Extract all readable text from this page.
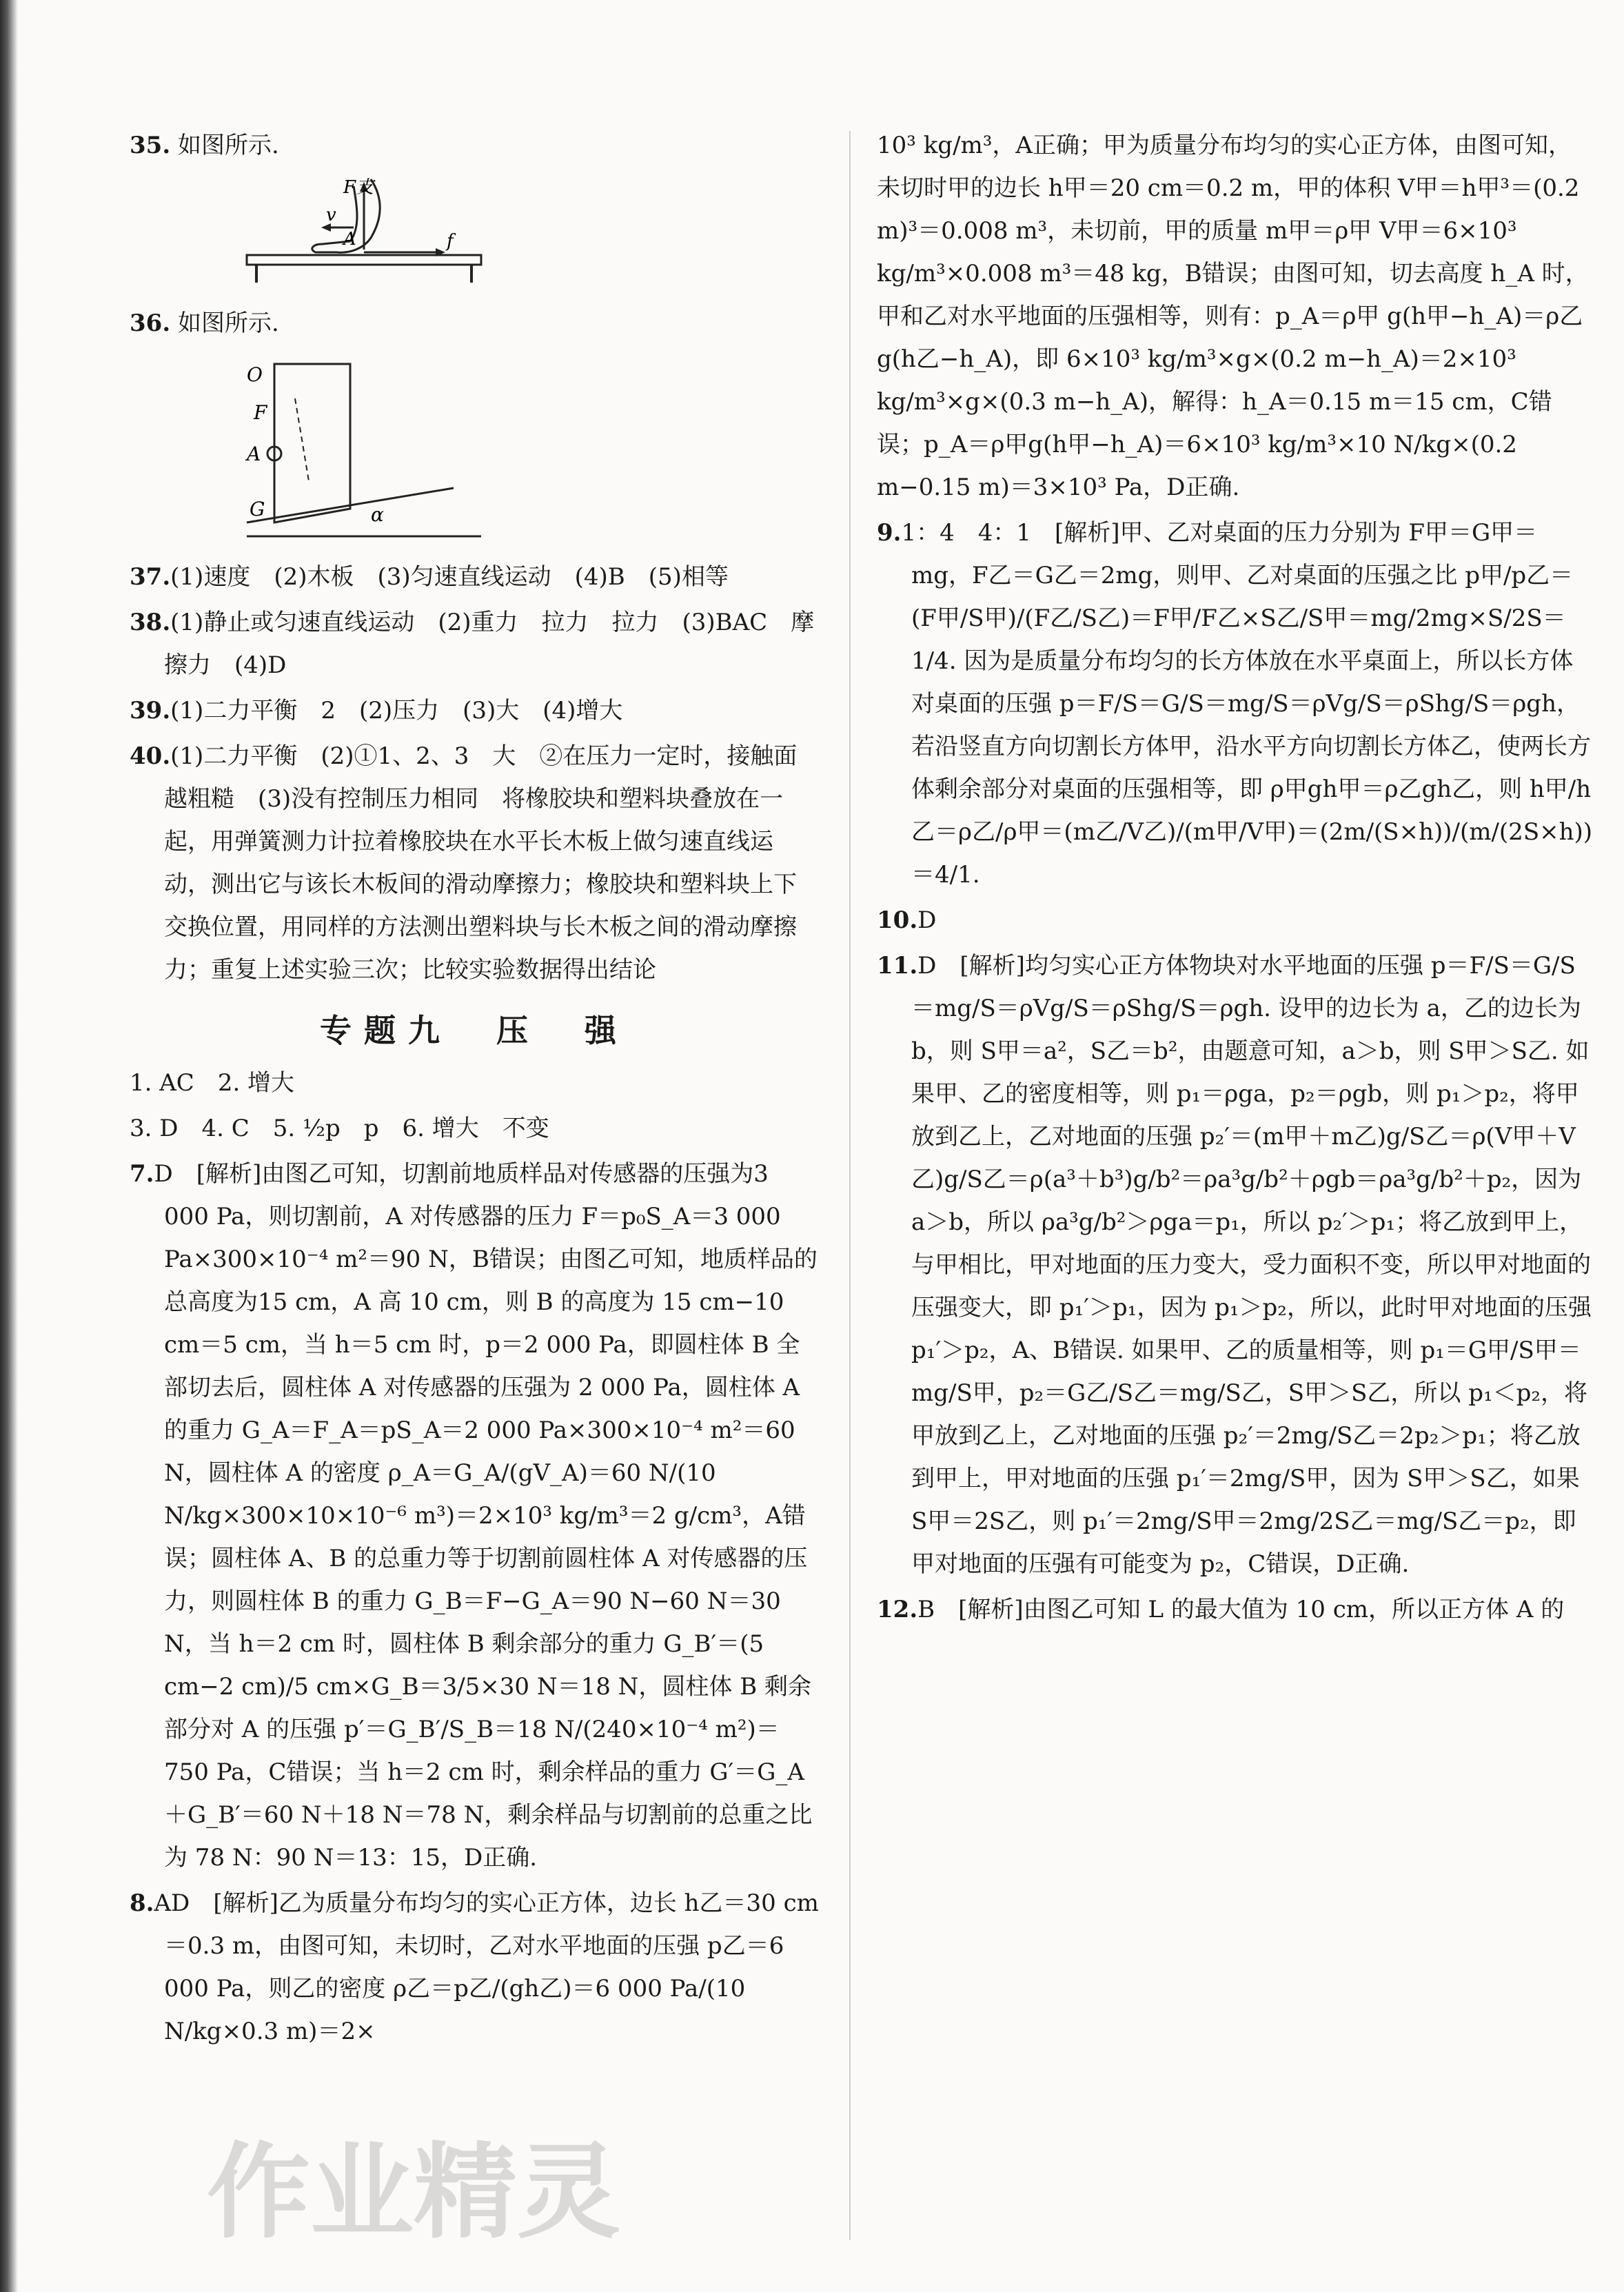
35. 如图所示.

F支
v
A	f

36. 如图所示.

O
F
A
G	α

37.(1)速度　(2)木板　(3)匀速直线运动　(4)B　(5)相等

38.(1)静止或匀速直线运动　(2)重力　拉力　拉力　(3)BAC　摩擦力　(4)D

39.(1)二力平衡　2　(2)压力　(3)大　(4)增大

40.(1)二力平衡　(2)①1、2、3　大　②在压力一定时，接触面越粗糙　(3)没有控制压力相同　将橡胶块和塑料块叠放在一起，用弹簧测力计拉着橡胶块在水平长木板上做匀速直线运动，测出它与该长木板间的滑动摩擦力；橡胶块和塑料块上下交换位置，用同样的方法测出塑料块与长木板之间的滑动摩擦力；重复上述实验三次；比较实验数据得出结论

专题九　压　强

1. AC　2. 增大

3. D　4. C　5. ½p　p　6. 增大　不变

7.D　[解析]由图乙可知，切割前地质样品对传感器的压强为3 000 Pa，则切割前，A 对传感器的压力 F＝p₀S_A＝3 000 Pa×300×10⁻⁴ m²＝90 N，B错误；由图乙可知，地质样品的总高度为15 cm，A 高 10 cm，则 B 的高度为 15 cm−10 cm＝5 cm，当 h＝5 cm 时，p＝2 000 Pa，即圆柱体 B 全部切去后，圆柱体 A 对传感器的压强为 2 000 Pa，圆柱体 A 的重力 G_A＝F_A＝pS_A＝2 000 Pa×300×10⁻⁴ m²＝60 N，圆柱体 A 的密度 ρ_A＝G_A/(gV_A)＝60 N/(10 N/kg×300×10×10⁻⁶ m³)＝2×10³ kg/m³＝2 g/cm³，A错误；圆柱体 A、B 的总重力等于切割前圆柱体 A 对传感器的压力，则圆柱体 B 的重力 G_B＝F−G_A＝90 N−60 N＝30 N，当 h＝2 cm 时，圆柱体 B 剩余部分的重力 G_B′＝(5 cm−2 cm)/5 cm×G_B＝3/5×30 N＝18 N，圆柱体 B 剩余部分对 A 的压强 p′＝G_B′/S_B＝18 N/(240×10⁻⁴ m²)＝750 Pa，C错误；当 h＝2 cm 时，剩余样品的重力 G′＝G_A＋G_B′＝60 N＋18 N＝78 N，剩余样品与切割前的总重之比为 78 N：90 N＝13：15，D正确.

8.AD　[解析]乙为质量分布均匀的实心正方体，边长 h乙＝30 cm＝0.3 m，由图可知，未切时，乙对水平地面的压强 p乙＝6 000 Pa，则乙的密度 ρ乙＝p乙/(gh乙)＝6 000 Pa/(10 N/kg×0.3 m)＝2×

10³ kg/m³，A正确；甲为质量分布均匀的实心正方体，由图可知，未切时甲的边长 h甲＝20 cm＝0.2 m，甲的体积 V甲＝h甲³＝(0.2 m)³＝0.008 m³，未切前，甲的质量 m甲＝ρ甲 V甲＝6×10³ kg/m³×0.008 m³＝48 kg，B错误；由图可知，切去高度 h_A 时，甲和乙对水平地面的压强相等，则有：p_A＝ρ甲 g(h甲−h_A)＝ρ乙 g(h乙−h_A)，即 6×10³ kg/m³×g×(0.2 m−h_A)＝2×10³ kg/m³×g×(0.3 m−h_A)，解得：h_A＝0.15 m＝15 cm，C错误；p_A＝ρ甲g(h甲−h_A)＝6×10³ kg/m³×10 N/kg×(0.2 m−0.15 m)＝3×10³ Pa，D正确.

9.1：4　4：1　[解析]甲、乙对桌面的压力分别为 F甲＝G甲＝mg，F乙＝G乙＝2mg，则甲、乙对桌面的压强之比 p甲/p乙＝(F甲/S甲)/(F乙/S乙)＝F甲/F乙×S乙/S甲＝mg/2mg×S/2S＝1/4. 因为是质量分布均匀的长方体放在水平桌面上，所以长方体对桌面的压强 p＝F/S＝G/S＝mg/S＝ρVg/S＝ρShg/S＝ρgh，若沿竖直方向切割长方体甲，沿水平方向切割长方体乙，使两长方体剩余部分对桌面的压强相等，即 ρ甲gh甲＝ρ乙gh乙，则 h甲/h乙＝ρ乙/ρ甲＝(m乙/V乙)/(m甲/V甲)＝(2m/(S×h))/(m/(2S×h))＝4/1.

10.D

11.D　[解析]均匀实心正方体物块对水平地面的压强 p＝F/S＝G/S＝mg/S＝ρVg/S＝ρShg/S＝ρgh. 设甲的边长为 a，乙的边长为 b，则 S甲＝a²，S乙＝b²，由题意可知，a＞b，则 S甲＞S乙. 如果甲、乙的密度相等，则 p₁＝ρga，p₂＝ρgb，则 p₁＞p₂，将甲放到乙上，乙对地面的压强 p₂′＝(m甲＋m乙)g/S乙＝ρ(V甲＋V乙)g/S乙＝ρ(a³＋b³)g/b²＝ρa³g/b²＋ρgb＝ρa³g/b²＋p₂，因为 a＞b，所以 ρa³g/b²＞ρga＝p₁，所以 p₂′＞p₁；将乙放到甲上，与甲相比，甲对地面的压力变大，受力面积不变，所以甲对地面的压强变大，即 p₁′＞p₁，因为 p₁＞p₂，所以，此时甲对地面的压强 p₁′＞p₂，A、B错误. 如果甲、乙的质量相等，则 p₁＝G甲/S甲＝mg/S甲，p₂＝G乙/S乙＝mg/S乙，S甲＞S乙，所以 p₁＜p₂，将甲放到乙上，乙对地面的压强 p₂′＝2mg/S乙＝2p₂＞p₁；将乙放到甲上，甲对地面的压强 p₁′＝2mg/S甲，因为 S甲＞S乙，如果 S甲＝2S乙，则 p₁′＝2mg/S甲＝2mg/2S乙＝mg/S乙＝p₂，即甲对地面的压强有可能变为 p₂，C错误，D正确.

12.B　[解析]由图乙可知 L 的最大值为 10 cm，所以正方体 A 的

作业精灵
